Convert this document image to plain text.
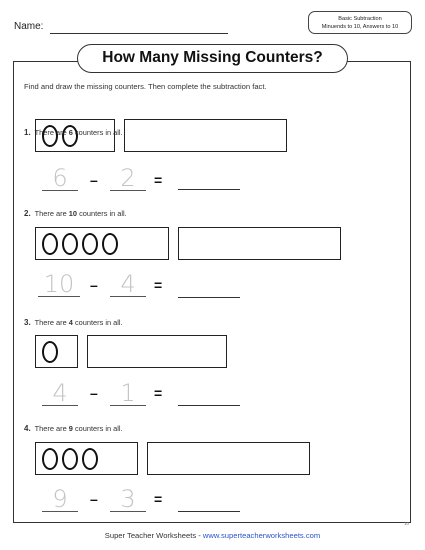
Name:
Basic Subtraction
Minuends to 10, Answers to 10
How Many Missing Counters?
Find and draw the missing counters. Then complete the subtraction fact.
1. There are 6 counters in all.
6	– 2	=
2. There are 10 counters in all.
10	– 4	=
3. There are 4 counters in all.
4	– 1	=
4. There are 9 counters in all.
9	– 3	=
10
Super Teacher Worksheets - www.superteacherworksheets.com
